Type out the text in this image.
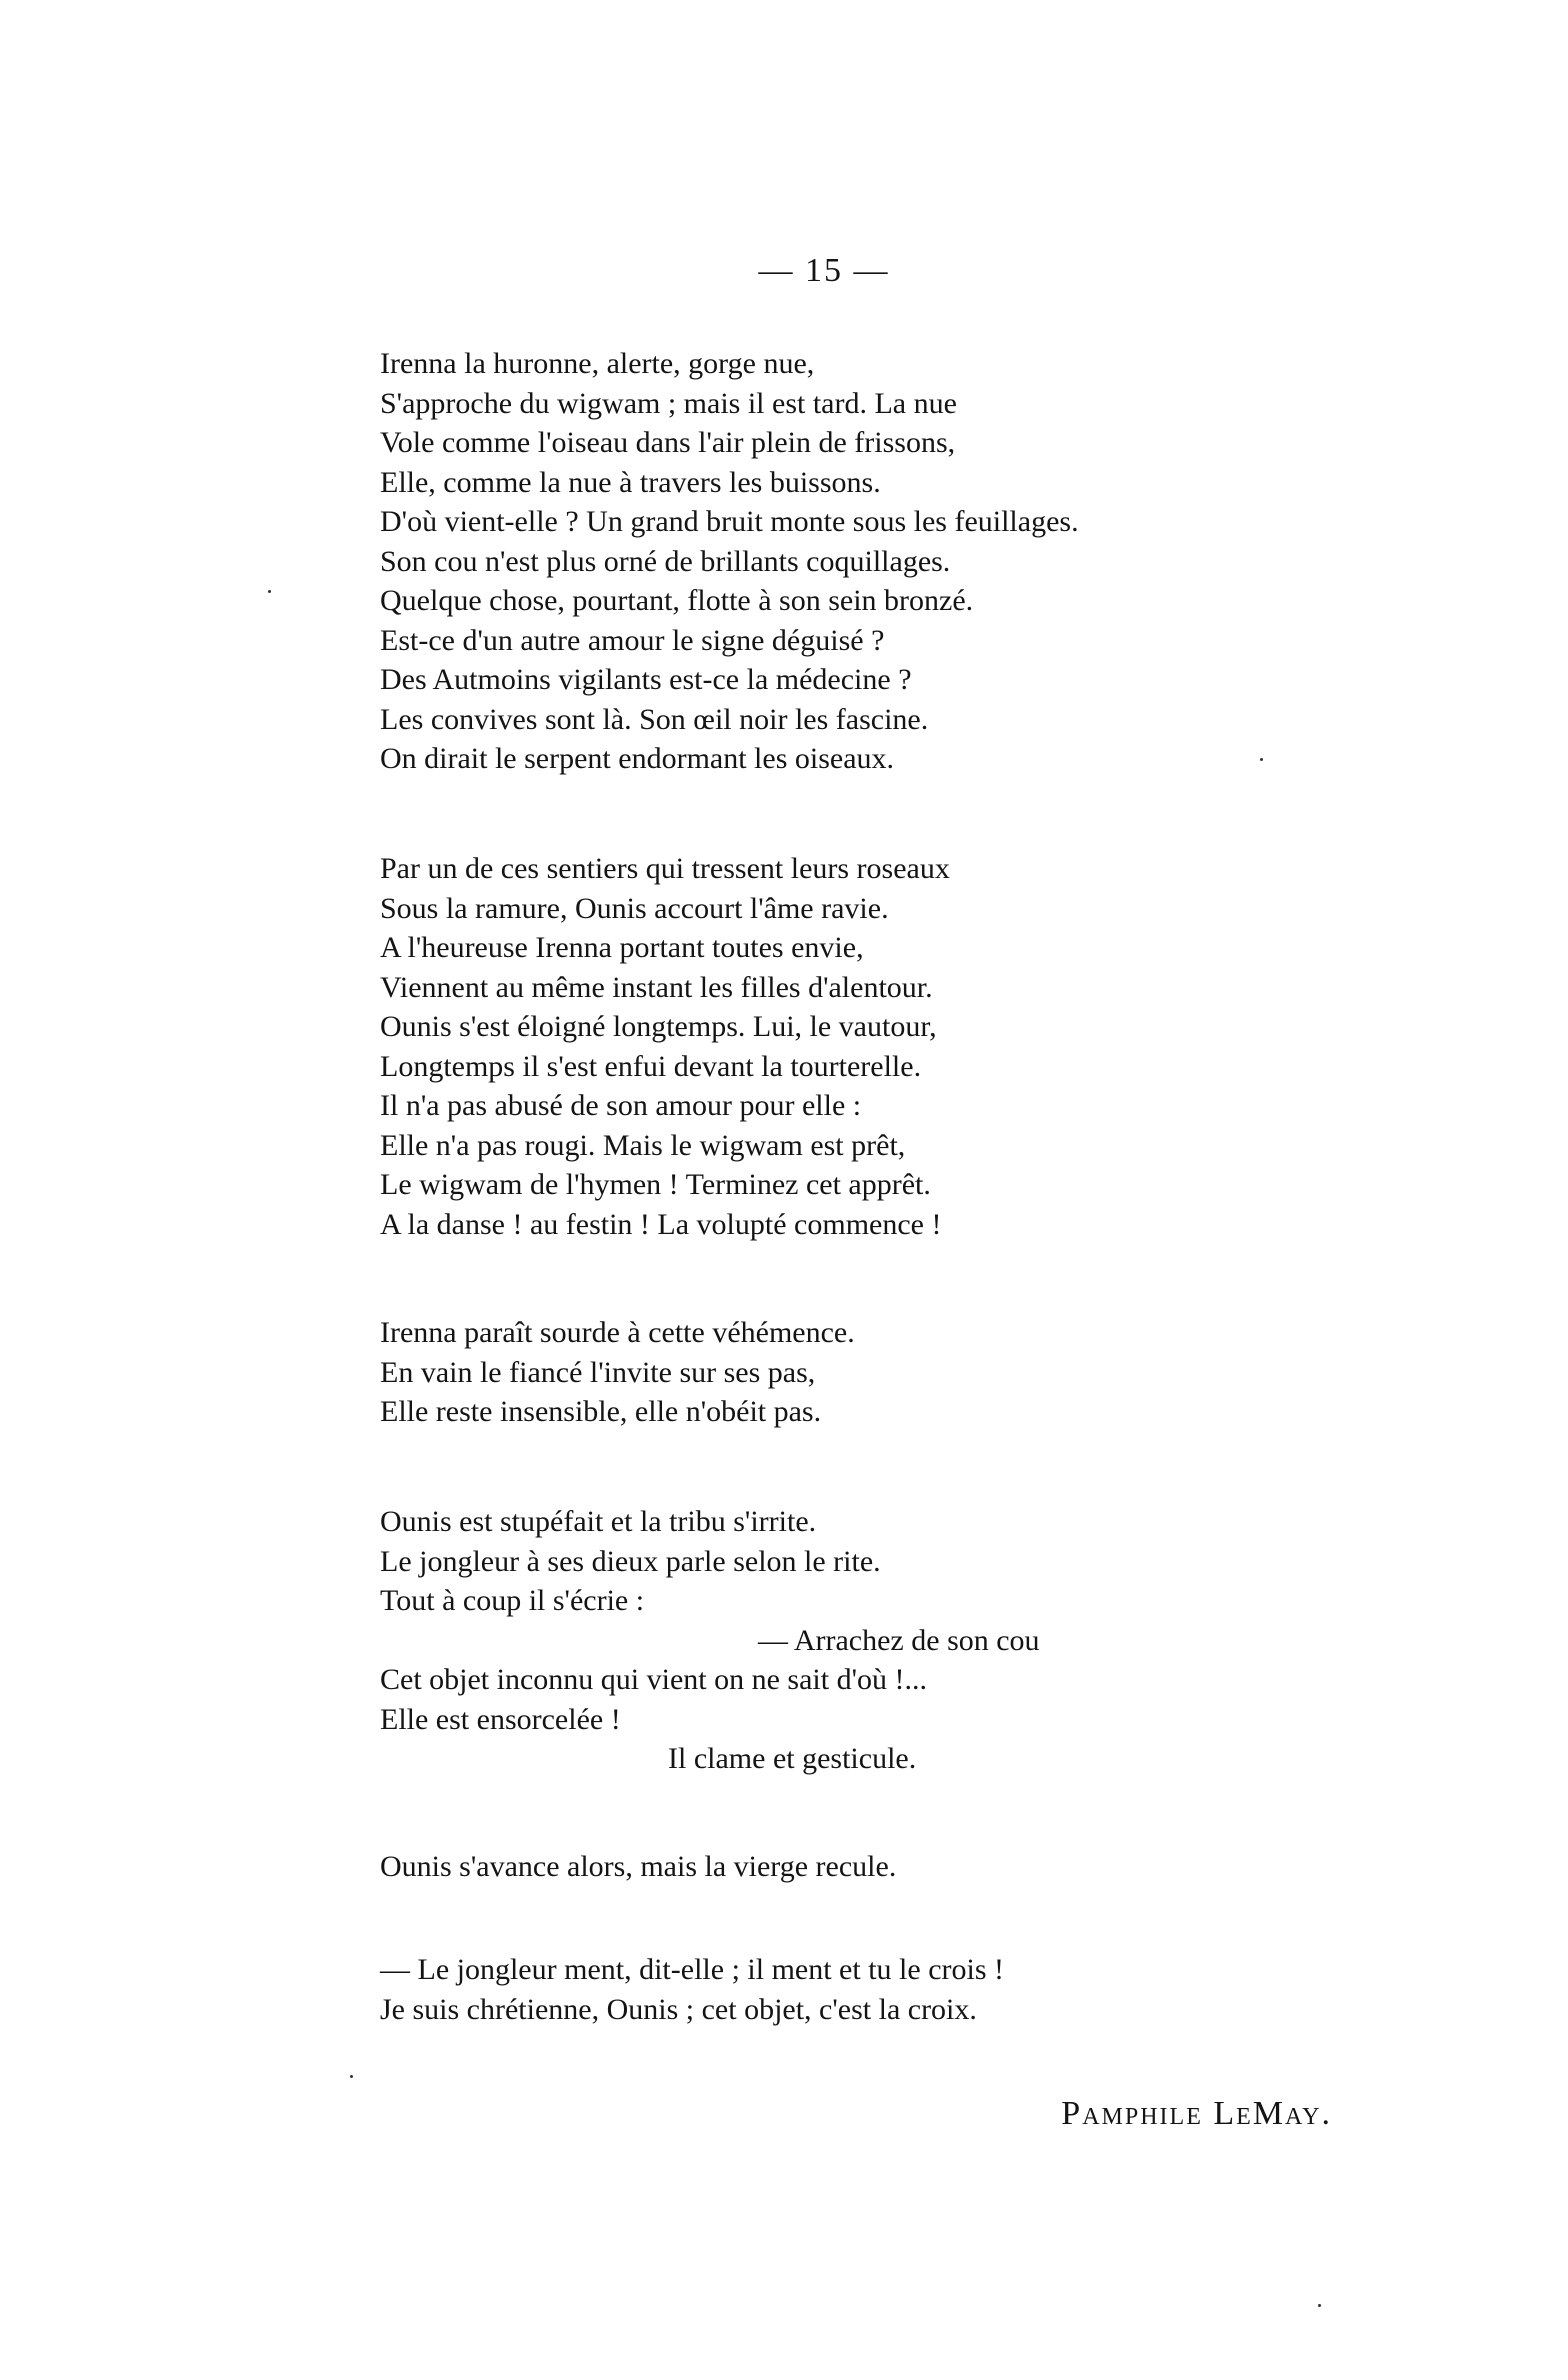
— 15 —
Irenna la huronne, alerte, gorge nue,
S'approche du wigwam ; mais il est tard. La nue
Vole comme l'oiseau dans l'air plein de frissons,
Elle, comme la nue à travers les buissons.
D'où vient-elle ? Un grand bruit monte sous les feuillages.
Son cou n'est plus orné de brillants coquillages.
Quelque chose, pourtant, flotte à son sein bronzé.
Est-ce d'un autre amour le signe déguisé ?
Des Autmoins vigilants est-ce la médecine ?
Les convives sont là. Son œil noir les fascine.
On dirait le serpent endormant les oiseaux.
Par un de ces sentiers qui tressent leurs roseaux
Sous la ramure, Ounis accourt l'âme ravie.
A l'heureuse Irenna portant toutes envie,
Viennent au même instant les filles d'alentour.
Ounis s'est éloigné longtemps. Lui, le vautour,
Longtemps il s'est enfui devant la tourterelle.
Il n'a pas abusé de son amour pour elle :
Elle n'a pas rougi. Mais le wigwam est prêt,
Le wigwam de l'hymen ! Terminez cet apprêt.
A la danse ! au festin ! La volupté commence !
Irenna paraît sourde à cette véhémence.
En vain le fiancé l'invite sur ses pas,
Elle reste insensible, elle n'obéit pas.
Ounis est stupéfait et la tribu s'irrite.
Le jongleur à ses dieux parle selon le rite.
Tout à coup il s'écrie :
— Arrachez de son cou
Cet objet inconnu qui vient on ne sait d'où !...
Elle est ensorcelée !
Il clame et gesticule.
Ounis s'avance alors, mais la vierge recule.
— Le jongleur ment, dit-elle ; il ment et tu le crois !
Je suis chrétienne, Ounis ; cet objet, c'est la croix.
Pamphile LeMay.
